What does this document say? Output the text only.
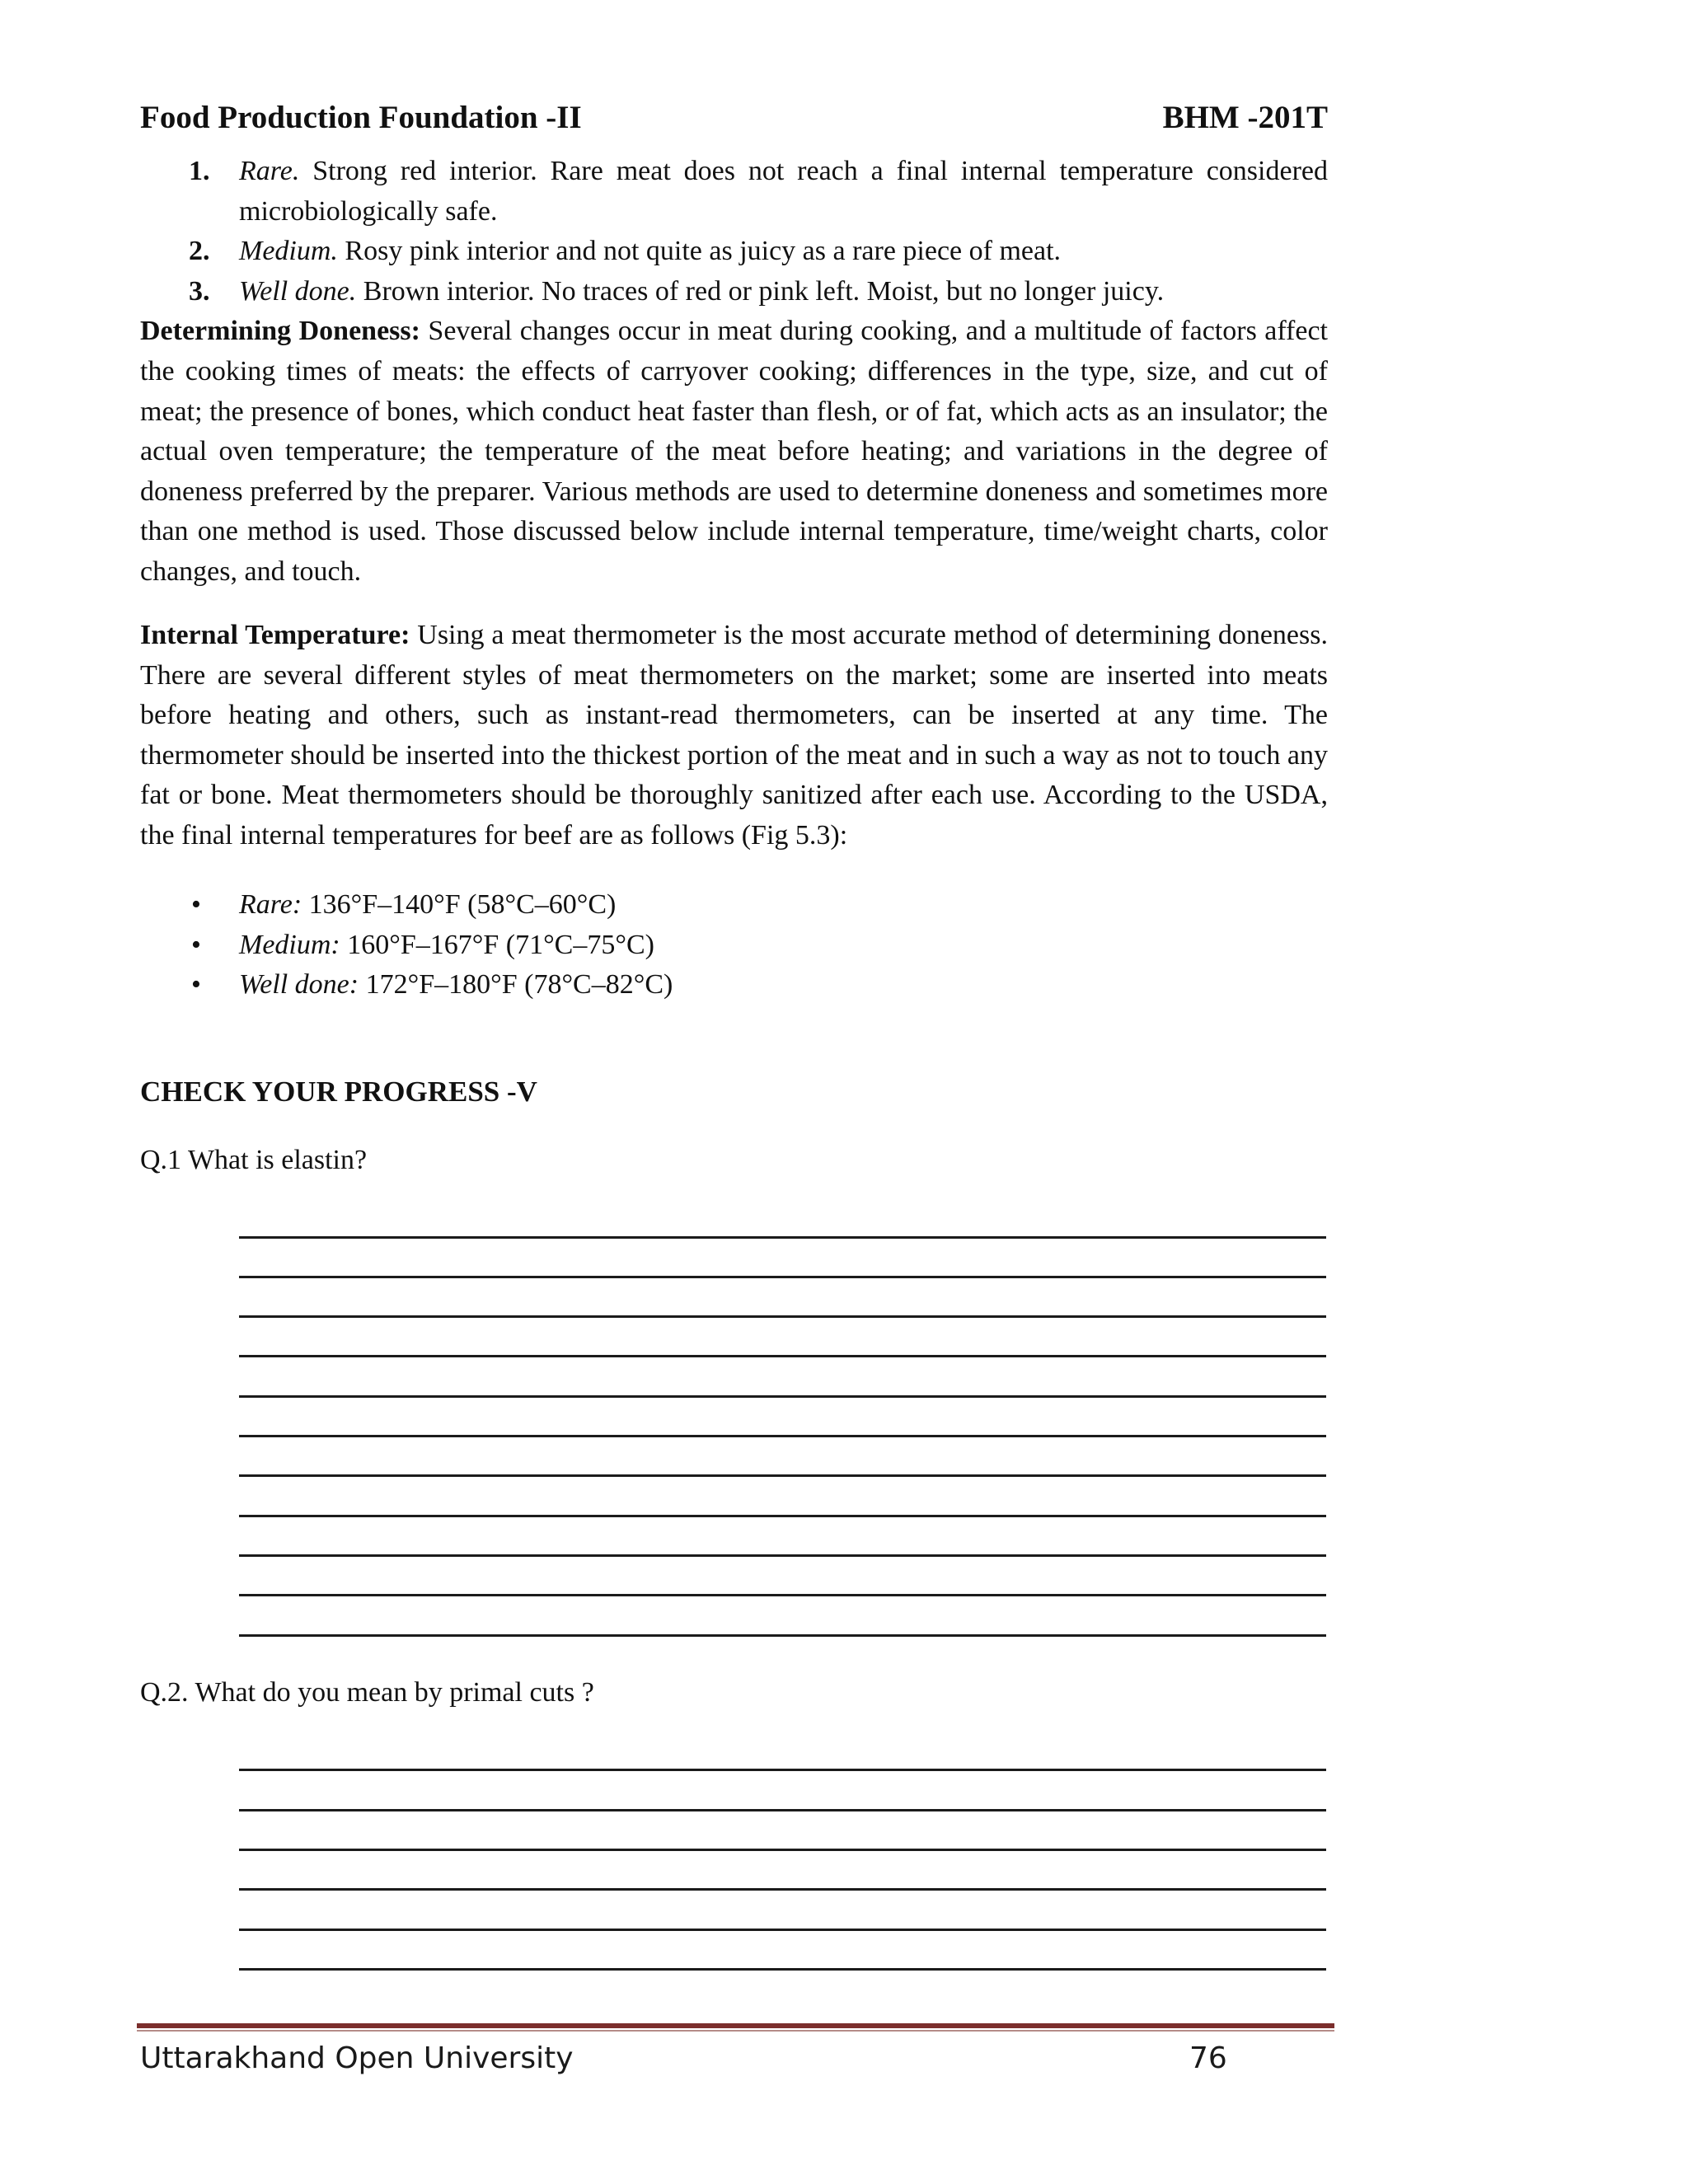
Food Production Foundation -II	BHM -201T
1. Rare. Strong red interior. Rare meat does not reach a final internal temperature considered microbiologically safe.
2. Medium. Rosy pink interior and not quite as juicy as a rare piece of meat.
3. Well done. Brown interior. No traces of red or pink left. Moist, but no longer juicy.
Determining Doneness: Several changes occur in meat during cooking, and a multitude of factors affect the cooking times of meats: the effects of carryover cooking; differences in the type, size, and cut of meat; the presence of bones, which conduct heat faster than flesh, or of fat, which acts as an insulator; the actual oven temperature; the temperature of the meat before heating; and variations in the degree of doneness preferred by the preparer. Various methods are used to determine doneness and sometimes more than one method is used. Those discussed below include internal temperature, time/weight charts, color changes, and touch.
Internal Temperature: Using a meat thermometer is the most accurate method of determining doneness. There are several different styles of meat thermometers on the market; some are inserted into meats before heating and others, such as instant-read thermometers, can be inserted at any time. The thermometer should be inserted into the thickest portion of the meat and in such a way as not to touch any fat or bone. Meat thermometers should be thoroughly sanitized after each use. According to the USDA, the final internal temperatures for beef are as follows (Fig 5.3):
• Rare: 136°F–140°F (58°C–60°C)
• Medium: 160°F–167°F (71°C–75°C)
• Well done: 172°F–180°F (78°C–82°C)
CHECK YOUR PROGRESS -V
Q.1 What is elastin?
Q.2. What do you mean by primal cuts ?
Uttarakhand Open University	76
